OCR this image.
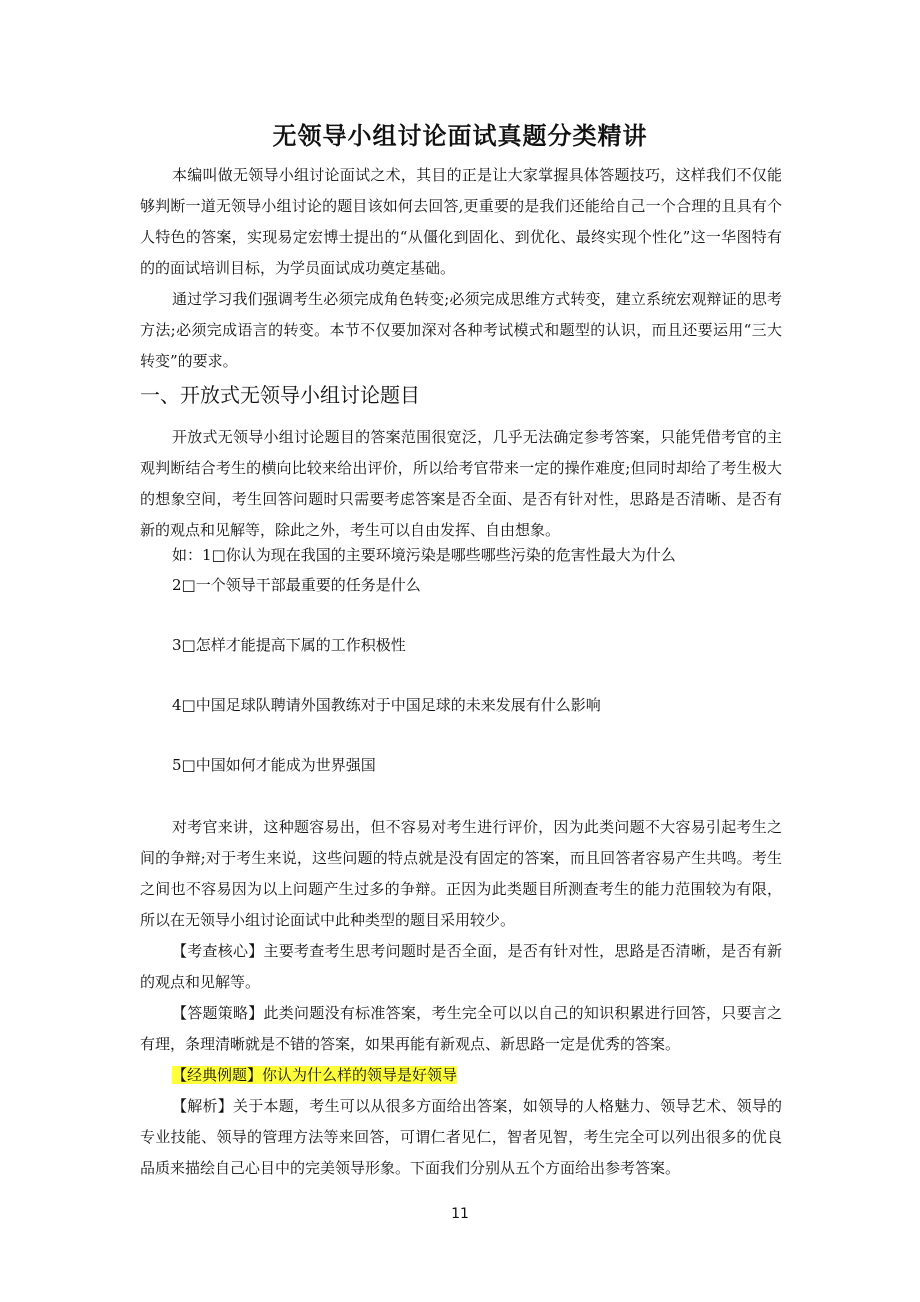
无领导小组讨论面试真题分类精讲

本编叫做无领导小组讨论面试之术，其目的正是让大家掌握具体答题技巧，这样我们不仅能够判断一道无领导小组讨论的题目该如何去回答,更重要的是我们还能给自己一个合理的且具有个人特色的答案，实现易定宏博士提出的“从僵化到固化、到优化、最终实现个性化”这一华图特有的的面试培训目标，为学员面试成功奠定基础。

通过学习我们强调考生必须完成角色转变;必须完成思维方式转变，建立系统宏观辩证的思考方法;必须完成语言的转变。本节不仅要加深对各种考试模式和题型的认识，而且还要运用“三大转变”的要求。

一、开放式无领导小组讨论题目

开放式无领导小组讨论题目的答案范围很宽泛，几乎无法确定参考答案，只能凭借考官的主观判断结合考生的横向比较来给出评价，所以给考官带来一定的操作难度;但同时却给了考生极大的想象空间，考生回答问题时只需要考虑答案是否全面、是否有针对性，思路是否清晰、是否有新的观点和见解等，除此之外，考生可以自由发挥、自由想象。

如：1□你认为现在我国的主要环境污染是哪些哪些污染的危害性最大为什么

2□一个领导干部最重要的任务是什么

3□怎样才能提高下属的工作积极性

4□中国足球队聘请外国教练对于中国足球的未来发展有什么影响

5□中国如何才能成为世界强国

对考官来讲，这种题容易出，但不容易对考生进行评价，因为此类问题不大容易引起考生之间的争辩;对于考生来说，这些问题的特点就是没有固定的答案，而且回答者容易产生共鸣。考生之间也不容易因为以上问题产生过多的争辩。正因为此类题目所测查考生的能力范围较为有限，所以在无领导小组讨论面试中此种类型的题目采用较少。

【考查核心】主要考查考生思考问题时是否全面，是否有针对性，思路是否清晰，是否有新的观点和见解等。

【答题策略】此类问题没有标准答案，考生完全可以以自己的知识积累进行回答，只要言之有理，条理清晰就是不错的答案，如果再能有新观点、新思路一定是优秀的答案。

【经典例题】你认为什么样的领导是好领导

【解析】关于本题，考生可以从很多方面给出答案，如领导的人格魅力、领导艺术、领导的专业技能、领导的管理方法等来回答，可谓仁者见仁，智者见智，考生完全可以列出很多的优良品质来描绘自己心目中的完美领导形象。下面我们分别从五个方面给出参考答案。

11
